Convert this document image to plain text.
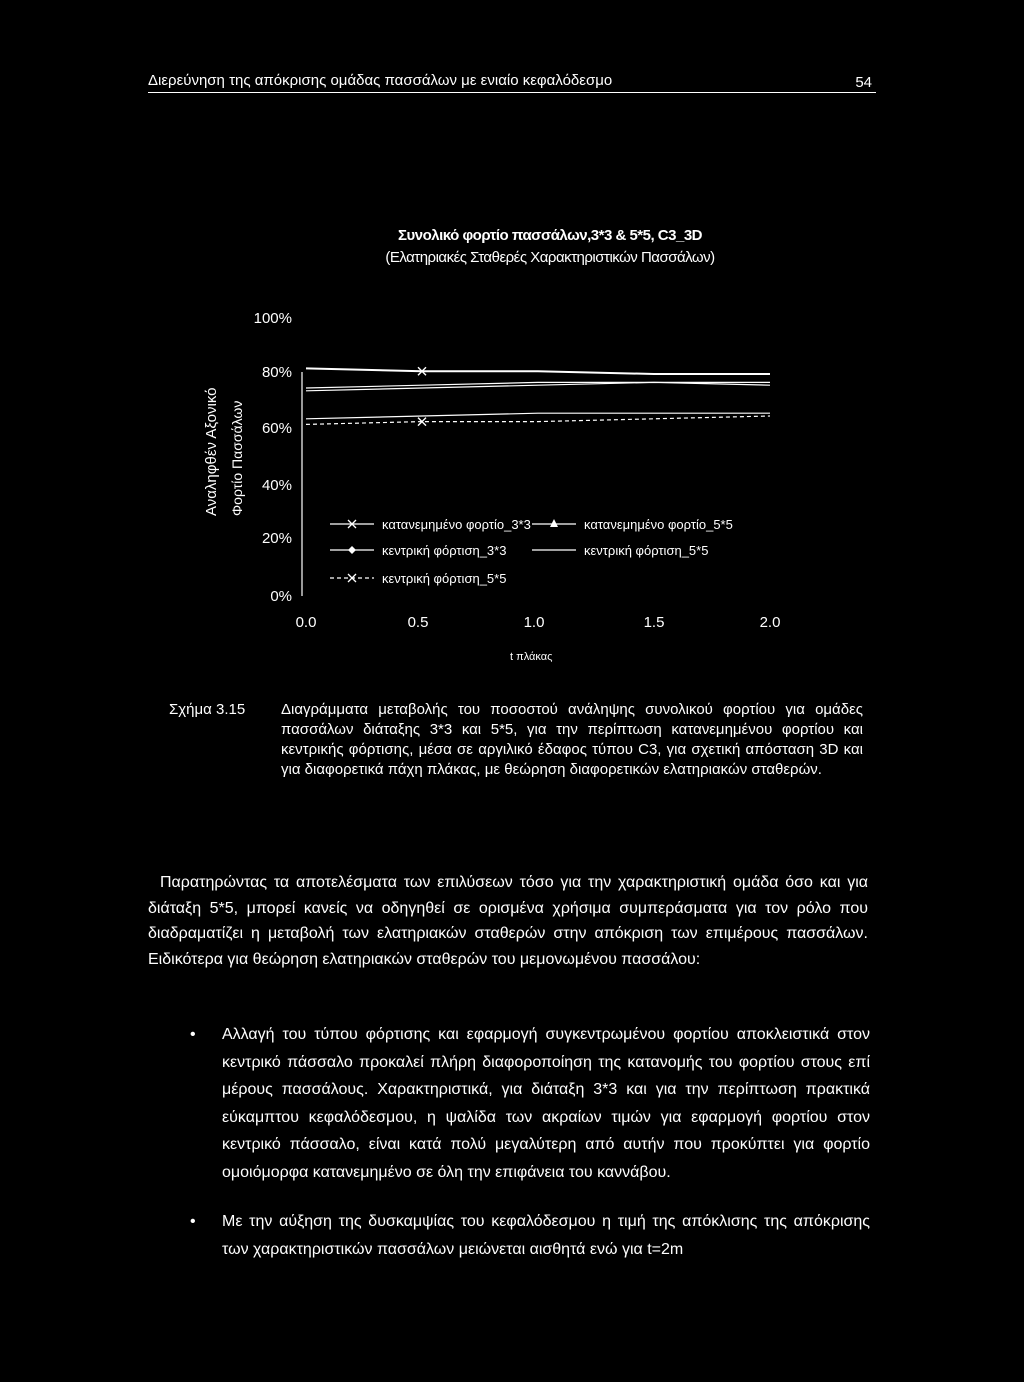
Διερεύνηση της απόκρισης ομάδας πασσάλων με ενιαίο κεφαλόδεσμο	54
Συνολικό φορτίο πασσάλων,3*3 & 5*5, C3_3D
(Ελατηριακές Σταθερές Χαρακτηριστικών Πασσάλων)
0%
20%
40%
60%
80%
100%
0.0	0.5	1.0	1.5	2.0
Αναληφθέν Αξονικό Φορτίο Πασσάλων
t πλάκας
κατανεμημένο φορτίο_3*3	κατανεμημένο φορτίο_5*5
κεντρική φόρτιση_3*3	κεντρική φόρτιση_5*5
κεντρική φόρτιση_5*5
Σχήμα 3.15 Διαγράμματα μεταβολής του ποσοστού ανάληψης συνολικού φορτίου για ομάδες πασσάλων διάταξης 3*3 και 5*5, για την περίπτωση κατανεμημένου φορτίου και κεντρικής φόρτισης, μέσα σε αργιλικό έδαφος τύπου C3, για σχετική απόσταση 3D και για διαφορετικά πάχη πλάκας, με θεώρηση διαφορετικών ελατηριακών σταθερών.
Παρατηρώντας τα αποτελέσματα των επιλύσεων τόσο για την χαρακτηριστική ομάδα όσο και για διάταξη 5*5, μπορεί κανείς να οδηγηθεί σε ορισμένα χρήσιμα συμπεράσματα για τον ρόλο που διαδραματίζει η μεταβολή των ελατηριακών σταθερών στην απόκριση των επιμέρους πασσάλων. Ειδικότερα για θεώρηση ελατηριακών σταθερών του μεμονωμένου πασσάλου:
• Αλλαγή του τύπου φόρτισης και εφαρμογή συγκεντρωμένου φορτίου αποκλειστικά στον κεντρικό πάσσαλο προκαλεί πλήρη διαφοροποίηση της κατανομής του φορτίου στους επί μέρους πασσάλους. Χαρακτηριστικά, για διάταξη 3*3 και για την περίπτωση πρακτικά εύκαμπτου κεφαλόδεσμου, η ψαλίδα των ακραίων τιμών για εφαρμογή φορτίου στον κεντρικό πάσσαλο, είναι κατά πολύ μεγαλύτερη από αυτήν που προκύπτει για φορτίο ομοιόμορφα κατανεμημένο σε όλη την επιφάνεια του καννάβου.
• Με την αύξηση της δυσκαμψίας του κεφαλόδεσμου η τιμή της απόκλισης της απόκρισης των χαρακτηριστικών πασσάλων μειώνεται αισθητά ενώ για t=2m
